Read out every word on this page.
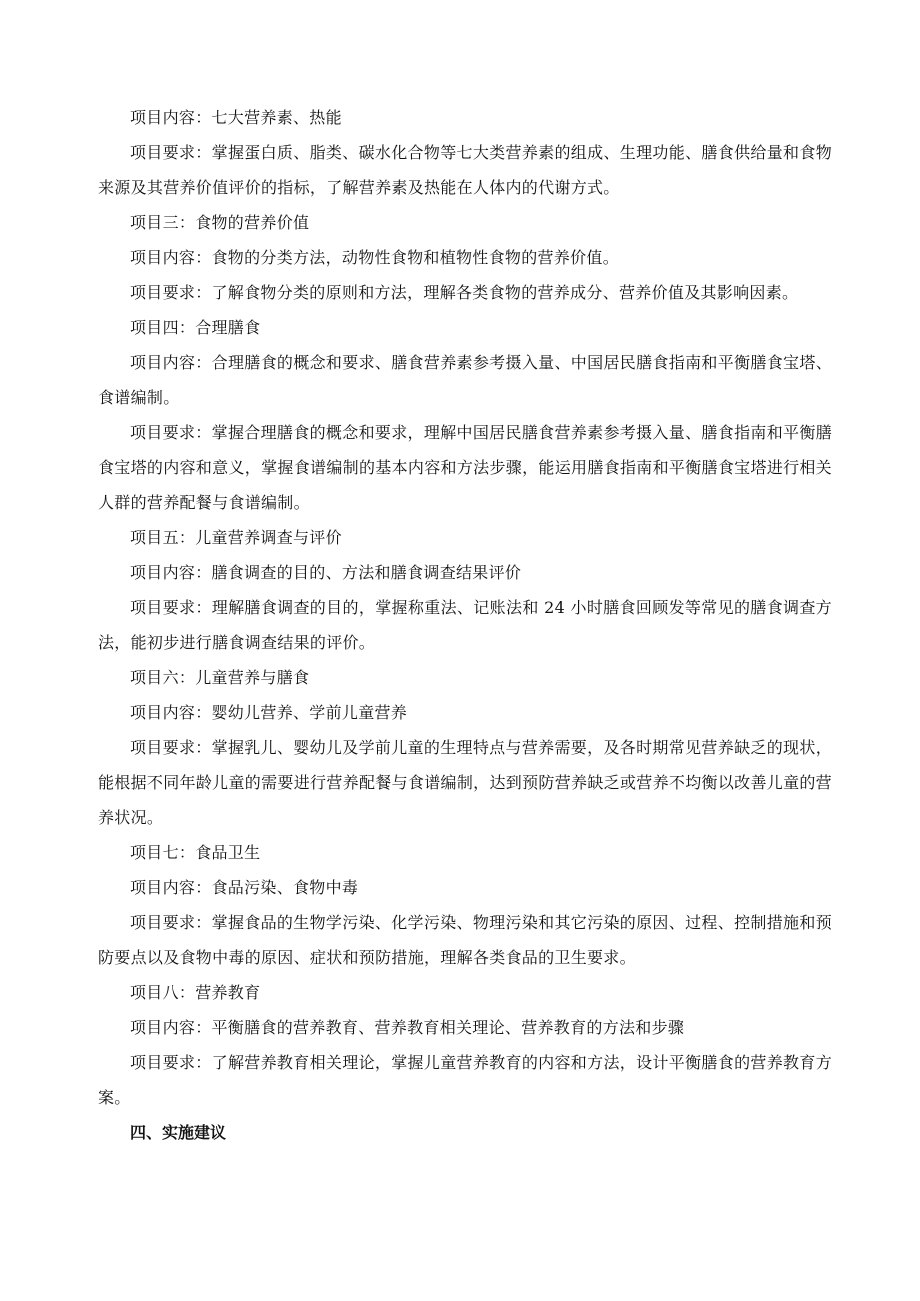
项目内容：七大营养素、热能

项目要求：掌握蛋白质、脂类、碳水化合物等七大类营养素的组成、生理功能、膳食供给量和食物来源及其营养价值评价的指标，了解营养素及热能在人体内的代谢方式。

项目三：食物的营养价值

项目内容：食物的分类方法，动物性食物和植物性食物的营养价值。

项目要求：了解食物分类的原则和方法，理解各类食物的营养成分、营养价值及其影响因素。

项目四：合理膳食

项目内容：合理膳食的概念和要求、膳食营养素参考摄入量、中国居民膳食指南和平衡膳食宝塔、食谱编制。

项目要求：掌握合理膳食的概念和要求，理解中国居民膳食营养素参考摄入量、膳食指南和平衡膳食宝塔的内容和意义，掌握食谱编制的基本内容和方法步骤，能运用膳食指南和平衡膳食宝塔进行相关人群的营养配餐与食谱编制。

项目五：儿童营养调查与评价

项目内容：膳食调查的目的、方法和膳食调查结果评价

项目要求：理解膳食调查的目的，掌握称重法、记账法和 24 小时膳食回顾发等常见的膳食调查方法，能初步进行膳食调查结果的评价。

项目六：儿童营养与膳食

项目内容：婴幼儿营养、学前儿童营养

项目要求：掌握乳儿、婴幼儿及学前儿童的生理特点与营养需要，及各时期常见营养缺乏的现状，能根据不同年龄儿童的需要进行营养配餐与食谱编制，达到预防营养缺乏或营养不均衡以改善儿童的营养状况。

项目七：食品卫生

项目内容：食品污染、食物中毒

项目要求：掌握食品的生物学污染、化学污染、物理污染和其它污染的原因、过程、控制措施和预防要点以及食物中毒的原因、症状和预防措施，理解各类食品的卫生要求。

项目八：营养教育

项目内容：平衡膳食的营养教育、营养教育相关理论、营养教育的方法和步骤

项目要求：了解营养教育相关理论，掌握儿童营养教育的内容和方法，设计平衡膳食的营养教育方案。

四、实施建议
